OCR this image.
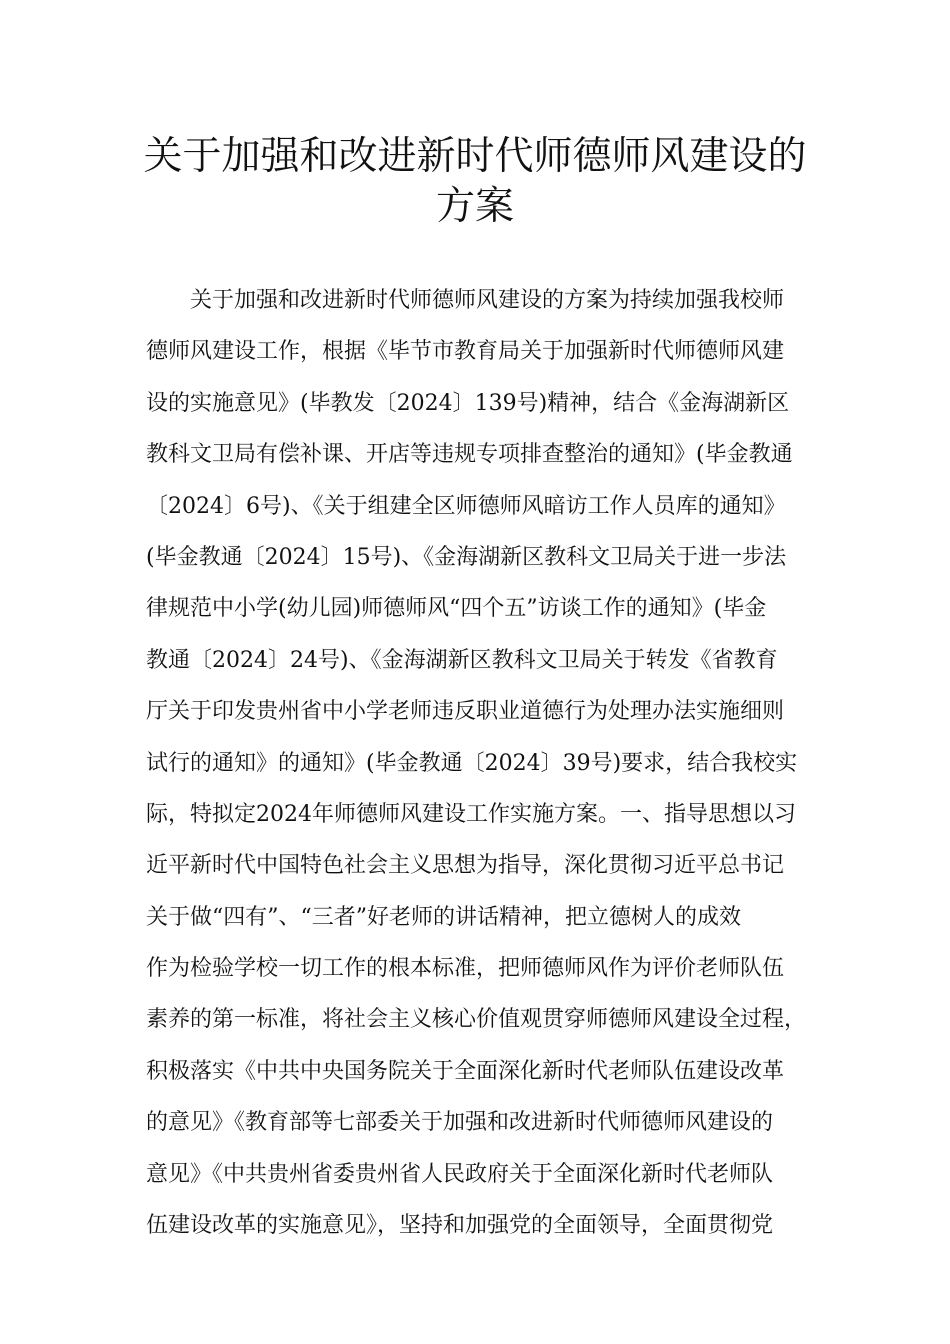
关于加强和改进新时代师德师风建设的
方案
关于加强和改进新时代师德师风建设的方案为持续加强我校师
德师风建设工作，根据《毕节市教育局关于加强新时代师德师风建
设的实施意见》(毕教发〔2024〕139号)精神，结合《金海湖新区
教科文卫局有偿补课、开店等违规专项排查整治的通知》(毕金教通
〔2024〕6号)、《关于组建全区师德师风暗访工作人员库的通知》
(毕金教通〔2024〕15号)、《金海湖新区教科文卫局关于进一步法
律规范中小学(幼儿园)师德师风“四个五”访谈工作的通知》(毕金
教通〔2024〕24号)、《金海湖新区教科文卫局关于转发《省教育
厅关于印发贵州省中小学老师违反职业道德行为处理办法实施细则
试行的通知》的通知》(毕金教通〔2024〕39号)要求，结合我校实
际，特拟定2024年师德师风建设工作实施方案。一、指导思想以习
近平新时代中国特色社会主义思想为指导，深化贯彻习近平总书记
关于做“四有”、“三者”好老师的讲话精神，把立德树人的成效
作为检验学校一切工作的根本标准，把师德师风作为评价老师队伍
素养的第一标准，将社会主义核心价值观贯穿师德师风建设全过程，
积极落实《中共中央国务院关于全面深化新时代老师队伍建设改革
的意见》《教育部等七部委关于加强和改进新时代师德师风建设的
意见》《中共贵州省委贵州省人民政府关于全面深化新时代老师队
伍建设改革的实施意见》，坚持和加强党的全面领导，全面贯彻党
